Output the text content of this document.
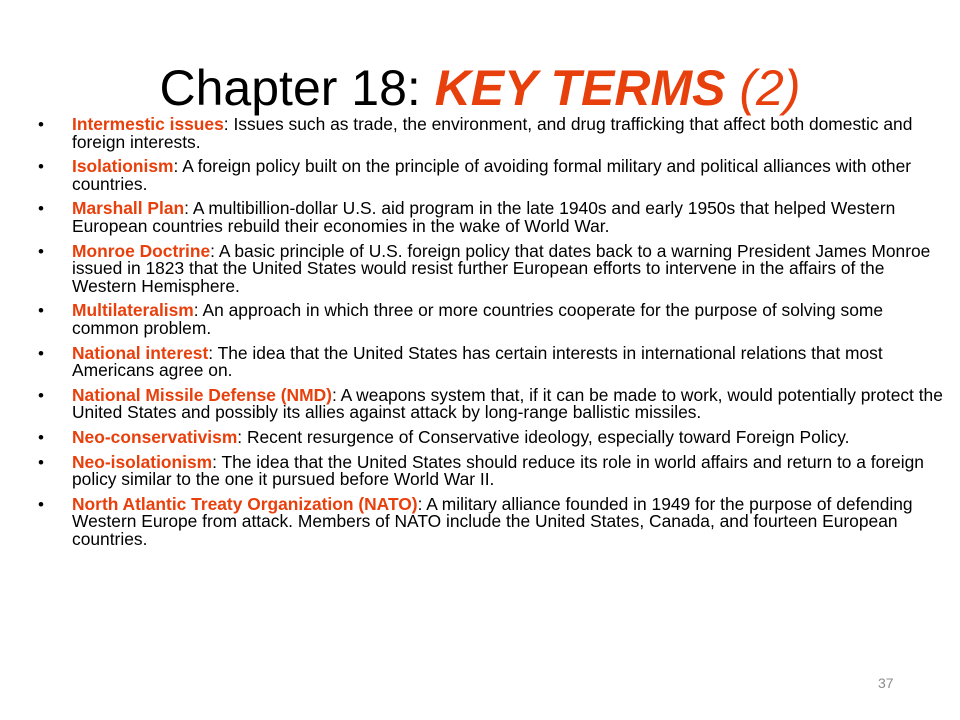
Chapter 18: KEY TERMS (2)
• Intermestic issues: Issues such as trade, the environment, and drug trafficking that affect both domestic and foreign interests.
• Isolationism: A foreign policy built on the principle of avoiding formal military and political alliances with other countries.
• Marshall Plan: A multibillion-dollar U.S. aid program in the late 1940s and early 1950s that helped Western European countries rebuild their economies in the wake of World War.
• Monroe Doctrine: A basic principle of U.S. foreign policy that dates back to a warning President James Monroe issued in 1823 that the United States would resist further European efforts to intervene in the affairs of the Western Hemisphere.
• Multilateralism: An approach in which three or more countries cooperate for the purpose of solving some common problem.
• National interest: The idea that the United States has certain interests in international relations that most Americans agree on.
• National Missile Defense (NMD): A weapons system that, if it can be made to work, would potentially protect the United States and possibly its allies against attack by long-range ballistic missiles.
• Neo-conservativism: Recent resurgence of Conservative ideology, especially toward Foreign Policy.
• Neo-isolationism: The idea that the United States should reduce its role in world affairs and return to a foreign policy similar to the one it pursued before World War II.
• North Atlantic Treaty Organization (NATO): A military alliance founded in 1949 for the purpose of defending Western Europe from attack. Members of NATO include the United States, Canada, and fourteen European countries.
37
